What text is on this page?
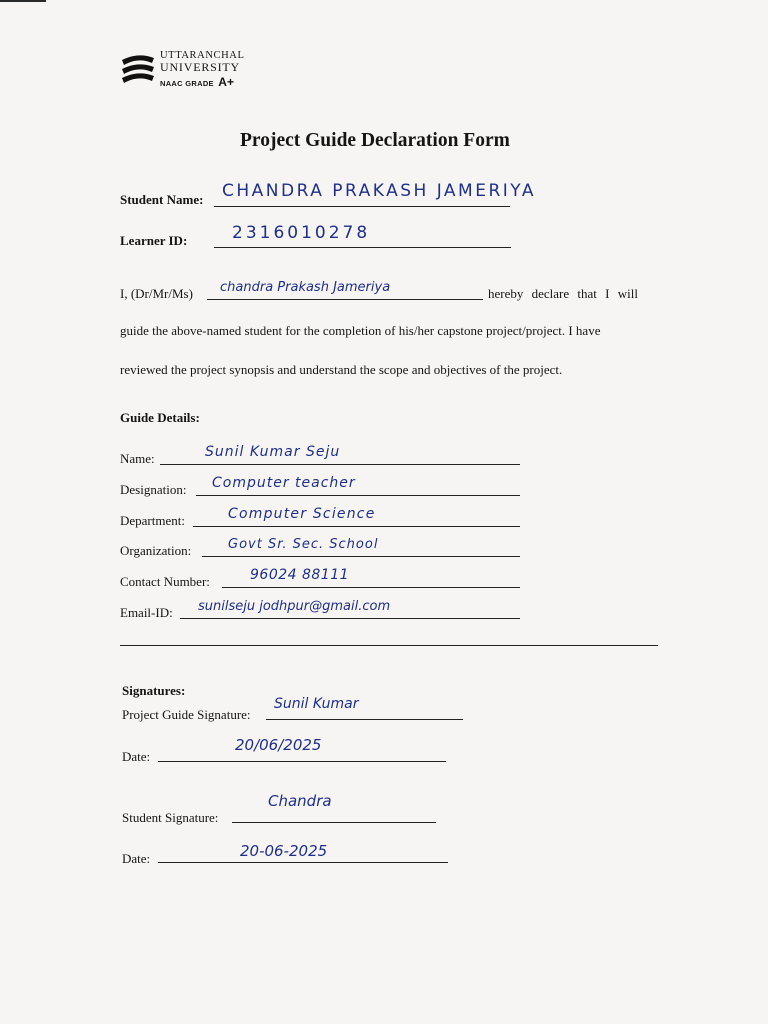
UTTARANCHAL
UNIVERSITY
NAAC GRADE A+
Project Guide Declaration Form
Student Name: CHANDRA PRAKASH JAMERIYA
Learner ID:	2316010278
I, (Dr/Mr/Ms) chandra Prakash Jameriya	hereby declare that I will
guide the above-named student for the completion of his/her capstone project/project. I have
reviewed the project synopsis and understand the scope and objectives of the project.
Guide Details:
Name:	Sunil Kumar Seju
Designation: Computer teacher
Department:	Computer Science
Organization:	Govt Sr. Sec. School
Contact Number:	96024 88111
Email-ID: sunilseju jodhpur@gmail.com
Signatures:
Project Guide Signature:
Sunil Kumar
Date:
20/06/2025
Student Signature:
Chandra
Date:	20-06-2025
